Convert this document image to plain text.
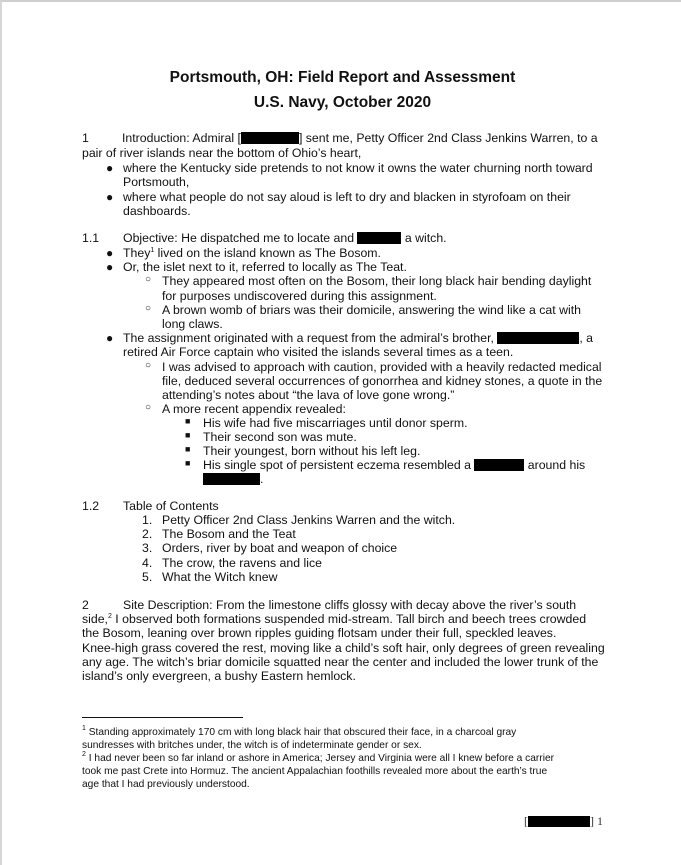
Portsmouth, OH: Field Report and Assessment
U.S. Navy, October 2020
1	Introduction: Admiral [	] sent me, Petty Officer 2nd Class Jenkins Warren, to a
pair of river islands near the bottom of Ohio’s heart,
● where the Kentucky side pretends to not know it owns the water churning north toward
Portsmouth,
● where what people do not say aloud is left to dry and blacken in styrofoam on their
dashboards.
1.1 Objective: He dispatched me to locate and	a witch.
● They$^1$ lived on the island known as The Bosom.
● Or, the islet next to it, referred to locally as The Teat.
○ They appeared most often on the Bosom, their long black hair bending daylight
for purposes undiscovered during this assignment.
○ A brown womb of briars was their domicile, answering the wind like a cat with
long claws.
● The assignment originated with a request from the admiral’s brother,	, a
retired Air Force captain who visited the islands several times as a teen.
○ I was advised to approach with caution, provided with a heavily redacted medical
file, deduced several occurrences of gonorrhea and kidney stones, a quote in the
attending’s notes about “the lava of love gone wrong.”
○ A more recent appendix revealed:
■ His wife had five miscarriages until donor sperm.
■ Their second son was mute.
■ Their youngest, born without his left leg.
■ His single spot of persistent eczema resembled a	around his
.
1.2 Table of Contents
1. Petty Officer 2nd Class Jenkins Warren and the witch.
2. The Bosom and the Teat
3. Orders, river by boat and weapon of choice
4. The crow, the ravens and lice
5. What the Witch knew
2	Site Description: From the limestone cliffs glossy with decay above the river’s south
side,$^2$ I observed both formations suspended mid-stream. Tall birch and beech trees crowded
the Bosom, leaning over brown ripples guiding flotsam under their full, speckled leaves.
Knee-high grass covered the rest, moving like a child’s soft hair, only degrees of green revealing
any age. The witch’s briar domicile squatted near the center and included the lower trunk of the
island’s only evergreen, a bushy Eastern hemlock.
$^1$ Standing approximately 170 cm with long black hair that obscured their face, in a charcoal gray
sundresses with britches under, the witch is of indeterminate gender or sex.
$^2$ I had never been so far inland or ashore in America; Jersey and Virginia were all I knew before a carrier
took me past Crete into Hormuz. The ancient Appalachian foothills revealed more about the earth’s true
age that I had previously understood.
[	] 1
